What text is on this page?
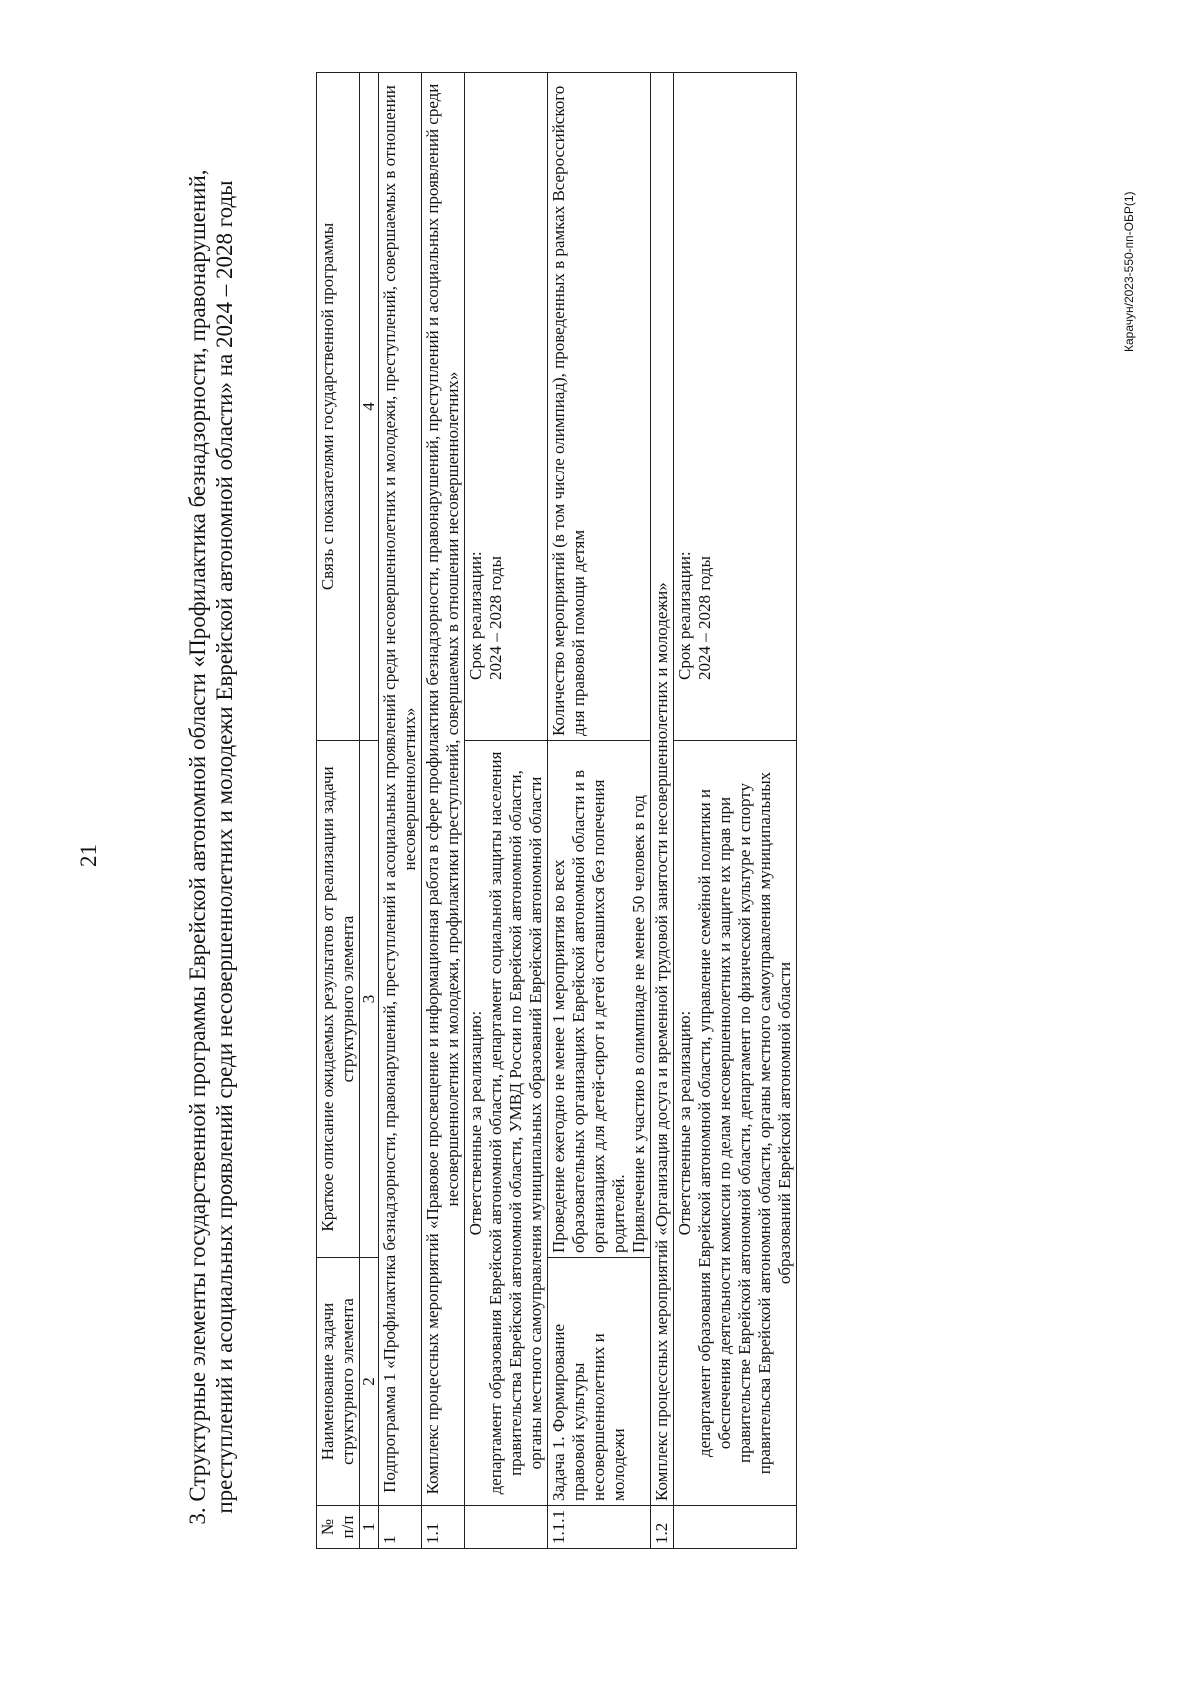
21	3. Структурные элементы государственной программы Еврейской автономной области «Профилактика безнадзорности, правонарушений, преступлений и асоциальных проявлений среди несовершеннолетних и молодежи Еврейской автономной области» на 2024 – 2028 годы
№ п/п	Наименование задачи структурного элемента	Краткое описание ожидаемых результатов от реализации задачи структурного элемента	Связь с показателями государственной программы
1	2	3	4
1	Подпрограмма 1 «Профилактика безнадзорности, правонарушений, преступлений и асоциальных проявлений среди несовершеннолетних и молодежи, преступлений, совершаемых в отношении несовершеннолетних»		
1.1	Комплекс процессных мероприятий «Правовое просвещение и информационная работа в сфере профилактики безнадзорности, правонарушений, преступлений и асоциальных проявлений среди несовершеннолетних и молодежи, профилактики преступлений, совершаемых в отношении несовершеннолетних»		

	Ответственные за реализацию: департамент образования Еврейской автономной области, департамент социальной защиты населения правительства Еврейской автономной области, УМВД России по Еврейской автономной области, органы местного самоуправления муниципальных образований Еврейской автономной области		Срок реализации: 2024 – 2028 годы

1.1.1	Задача 1. Формирование правовой культуры несовершеннолетних и молодежи	Проведение ежегодно не менее 1 мероприятия во всех образовательных организациях Еврейской автономной области и в организациях для детей-сирот и детей оставшихся без попечения родителей. Привлечение к участию в олимпиаде не менее 50 человек в год	Количество мероприятий (в том числе олимпиад), проведенных в рамках Всероссийского дня правовой помощи детям
1.2	Комплекс процессных мероприятий «Организация досуга и временной трудовой занятости несовершеннолетних и молодежи»		

	Ответственные за реализацию: департамент образования Еврейской автономной области, управление семейной политики и обеспечения деятельности комиссии по делам несовершеннолетних и защите их прав при правительстве Еврейской автономной области, департамент по физической культуре и спорту правительсва Еврейской автономной области, органы местного самоуправления муниципальных образований Еврейской автономной области		Срок реализации: 2024 – 2028 годы
Карачун/2023-550-пп-ОБР(1)
